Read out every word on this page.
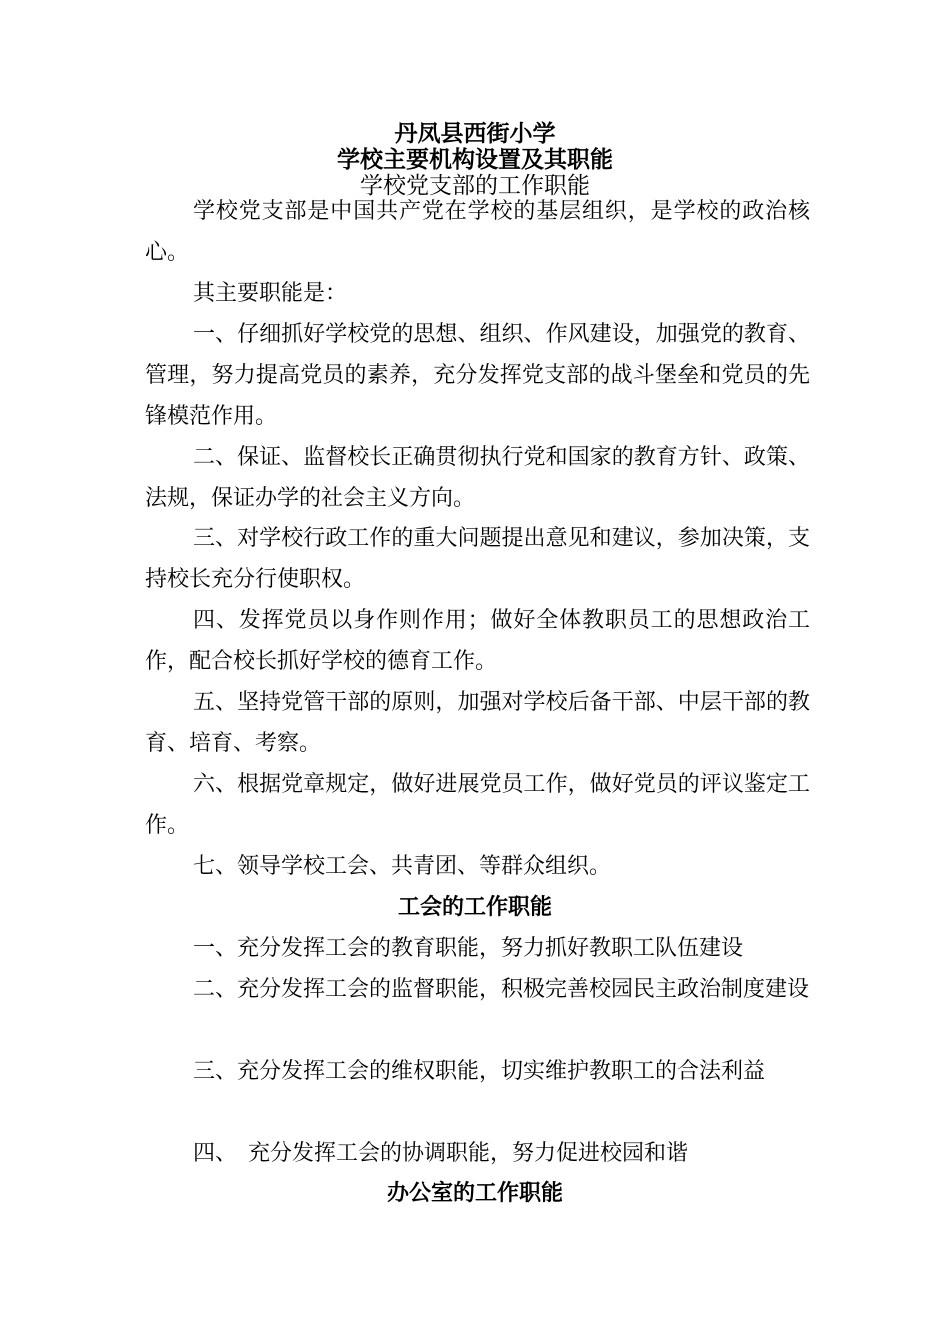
丹凤县西街小学
学校主要机构设置及其职能
学校党支部的工作职能

学校党支部是中国共产党在学校的基层组织，是学校的政治核心。

其主要职能是：

一、仔细抓好学校党的思想、组织、作风建设，加强党的教育、管理，努力提高党员的素养，充分发挥党支部的战斗堡垒和党员的先锋模范作用。

二、保证、监督校长正确贯彻执行党和国家的教育方针、政策、法规，保证办学的社会主义方向。

三、对学校行政工作的重大问题提出意见和建议，参加决策，支持校长充分行使职权。

四、发挥党员以身作则作用；做好全体教职员工的思想政治工作，配合校长抓好学校的德育工作。

五、坚持党管干部的原则，加强对学校后备干部、中层干部的教育、培育、考察。

六、根据党章规定，做好进展党员工作，做好党员的评议鉴定工作。

七、领导学校工会、共青团、等群众组织。

工会的工作职能

一、充分发挥工会的教育职能，努力抓好教职工队伍建设

二、充分发挥工会的监督职能，积极完善校园民主政治制度建设

三、充分发挥工会的维权职能，切实维护教职工的合法利益

四、　充分发挥工会的协调职能，努力促进校园和谐

办公室的工作职能
